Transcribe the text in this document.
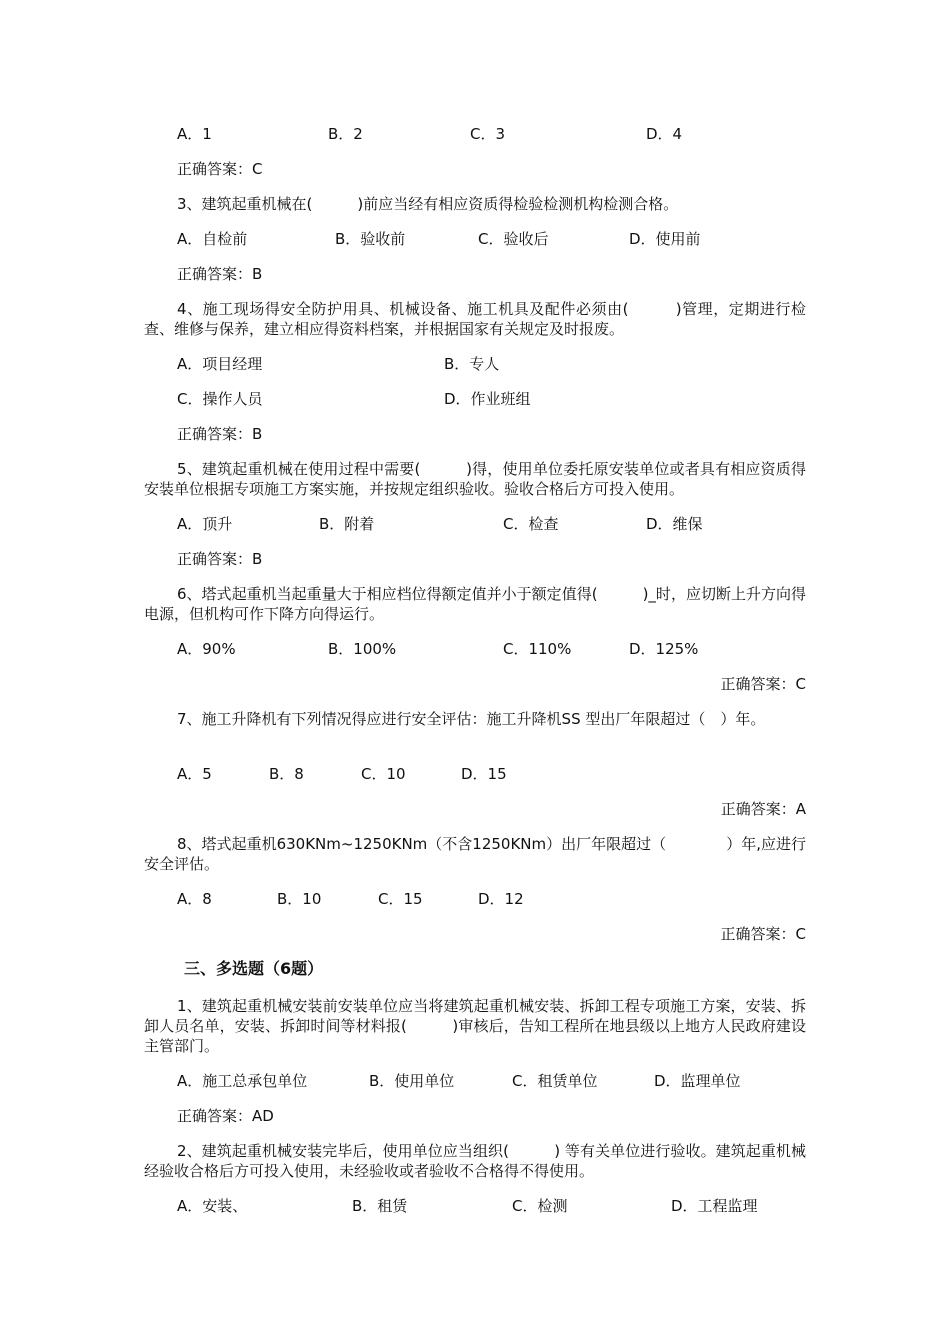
A．1	B．2	C．3	D．4
正确答案：C
3、建筑起重机械在(　　　)前应当经有相应资质得检验检测机构检测合格。
A．自检前	B．验收前	C．验收后	D．使用前
正确答案：B
4、施工现场得安全防护用具、机械设备、施工机具及配件必须由(　　　)管理，定期进行检查、维修与保养，建立相应得资料档案，并根据国家有关规定及时报废。
A．项目经理	B．专人
C．操作人员	D．作业班组
正确答案：B
5、建筑起重机械在使用过程中需要(　　　)得，使用单位委托原安装单位或者具有相应资质得安装单位根据专项施工方案实施，并按规定组织验收。验收合格后方可投入使用。
A．顶升	B．附着	C．检查	D．维保
正确答案：B
6、塔式起重机当起重量大于相应档位得额定值并小于额定值得(　　　)_时，应切断上升方向得电源，但机构可作下降方向得运行。
A．90%	B．100%	C．110%	D．125%
正确答案：C
7、施工升降机有下列情况得应进行安全评估：施工升降机SS 型出厂年限超过（　）年。
A．5	B．8	C．10	D．15
正确答案：A
8、塔式起重机630KNm~1250KNm（不含1250KNm）出厂年限超过（　　　　）年,应进行安全评估。
A．8	B．10	C．15	D．12
正确答案：C
三、多选题（6题）
1、建筑起重机械安装前安装单位应当将建筑起重机械安装、拆卸工程专项施工方案，安装、拆卸人员名单，安装、拆卸时间等材料报(　　　)审核后，告知工程所在地县级以上地方人民政府建设主管部门。
A．施工总承包单位	B．使用单位	C．租赁单位	D．监理单位
正确答案：AD
2、建筑起重机械安装完毕后，使用单位应当组织(　　　) 等有关单位进行验收。建筑起重机械经验收合格后方可投入使用，未经验收或者验收不合格得不得使用。
A．安装、	B．租赁	C．检测	D．工程监理
